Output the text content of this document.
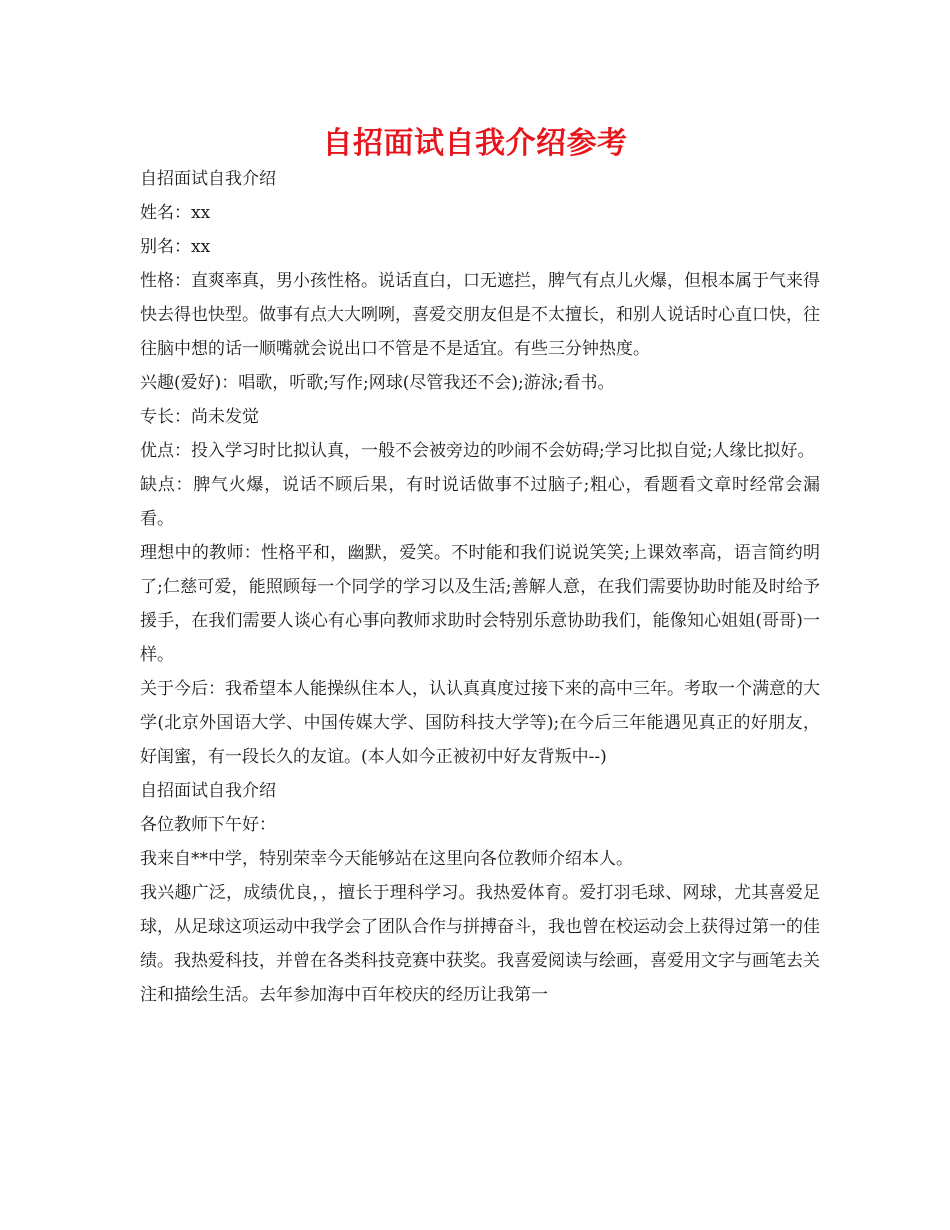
自招面试自我介绍参考

自招面试自我介绍

姓名：xx

别名：xx

性格：直爽率真，男小孩性格。说话直白，口无遮拦，脾气有点儿火爆，但根本属于气来得快去得也快型。做事有点大大咧咧，喜爱交朋友但是不太擅长，和别人说话时心直口快，往往脑中想的话一顺嘴就会说出口不管是不是适宜。有些三分钟热度。

兴趣(爱好)：唱歌，听歌;写作;网球(尽管我还不会);游泳;看书。

专长：尚未发觉

优点：投入学习时比拟认真，一般不会被旁边的吵闹不会妨碍;学习比拟自觉;人缘比拟好。

缺点：脾气火爆，说话不顾后果，有时说话做事不过脑子;粗心，看题看文章时经常会漏看。

理想中的教师：性格平和，幽默，爱笑。不时能和我们说说笑笑;上课效率高，语言简约明了;仁慈可爱，能照顾每一个同学的学习以及生活;善解人意，在我们需要协助时能及时给予援手，在我们需要人谈心有心事向教师求助时会特别乐意协助我们，能像知心姐姐(哥哥)一样。

关于今后：我希望本人能操纵住本人，认认真真度过接下来的高中三年。考取一个满意的大学(北京外国语大学、中国传媒大学、国防科技大学等);在今后三年能遇见真正的好朋友，好闺蜜，有一段长久的友谊。(本人如今正被初中好友背叛中--)

自招面试自我介绍

各位教师下午好：

我来自**中学，特别荣幸今天能够站在这里向各位教师介绍本人。

我兴趣广泛，成绩优良，，擅长于理科学习。我热爱体育。爱打羽毛球、网球，尤其喜爱足球，从足球这项运动中我学会了团队合作与拼搏奋斗，我也曾在校运动会上获得过第一的佳绩。我热爱科技，并曾在各类科技竞赛中获奖。我喜爱阅读与绘画，喜爱用文字与画笔去关注和描绘生活。去年参加海中百年校庆的经历让我第一
